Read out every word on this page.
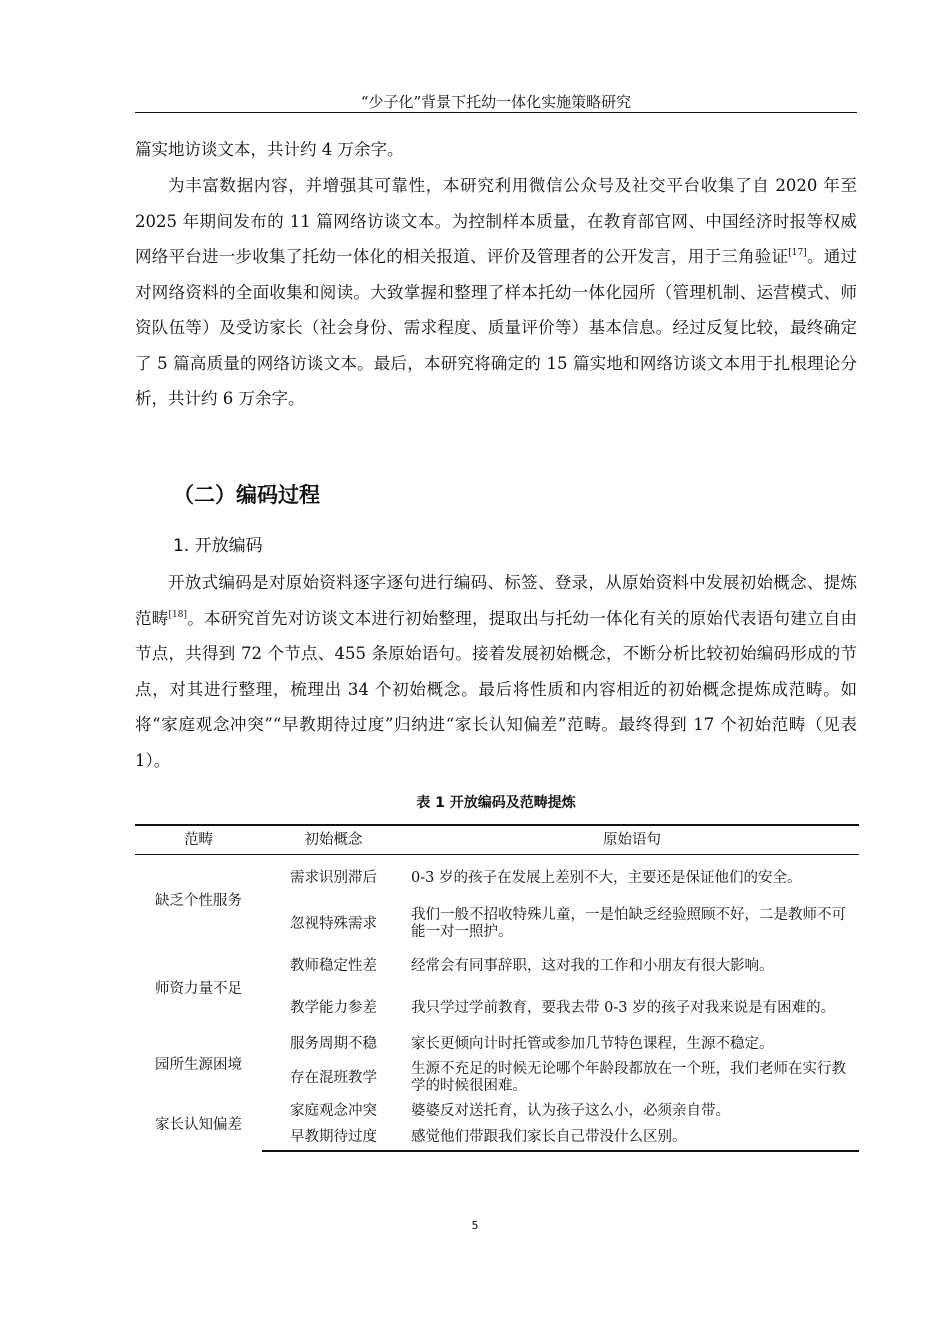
“少子化”背景下托幼一体化实施策略研究

篇实地访谈文本，共计约 4 万余字。

为丰富数据内容，并增强其可靠性，本研究利用微信公众号及社交平台收集了自 2020 年至 2025 年期间发布的 11 篇网络访谈文本。为控制样本质量，在教育部官网、中国经济时报等权威网络平台进一步收集了托幼一体化的相关报道、评价及管理者的公开发言，用于三角验证[17]。通过对网络资料的全面收集和阅读。大致掌握和整理了样本托幼一体化园所（管理机制、运营模式、师资队伍等）及受访家长（社会身份、需求程度、质量评价等）基本信息。经过反复比较，最终确定了 5 篇高质量的网络访谈文本。最后，本研究将确定的 15 篇实地和网络访谈文本用于扎根理论分析，共计约 6 万余字。

（二）编码过程
1. 开放编码

开放式编码是对原始资料逐字逐句进行编码、标签、登录，从原始资料中发展初始概念、提炼范畴[18]。本研究首先对访谈文本进行初始整理，提取出与托幼一体化有关的原始代表语句建立自由节点，共得到 72 个节点、455 条原始语句。接着发展初始概念，不断分析比较初始编码形成的节点，对其进行整理，梳理出 34 个初始概念。最后将性质和内容相近的初始概念提炼成范畴。如将“家庭观念冲突”“早教期待过度”归纳进“家长认知偏差”范畴。最终得到 17 个初始范畴（见表 1）。

表 1 开放编码及范畴提炼
范畴	初始概念	原始语句
缺乏个性服务	需求识别滞后	0-3 岁的孩子在发展上差别不大，主要还是保证他们的安全。
	忽视特殊需求	我们一般不招收特殊儿童，一是怕缺乏经验照顾不好，二是教师不可能一对一照护。
师资力量不足	教师稳定性差	经常会有同事辞职，这对我的工作和小朋友有很大影响。
	教学能力参差	我只学过学前教育，要我去带 0-3 岁的孩子对我来说是有困难的。
园所生源困境	服务周期不稳	家长更倾向计时托管或参加几节特色课程，生源不稳定。
	存在混班教学	生源不充足的时候无论哪个年龄段都放在一个班，我们老师在实行教学的时候很困难。
家长认知偏差	家庭观念冲突	婆婆反对送托育，认为孩子这么小，必须亲自带。
	早教期待过度	感觉他们带跟我们家长自己带没什么区别。
5
